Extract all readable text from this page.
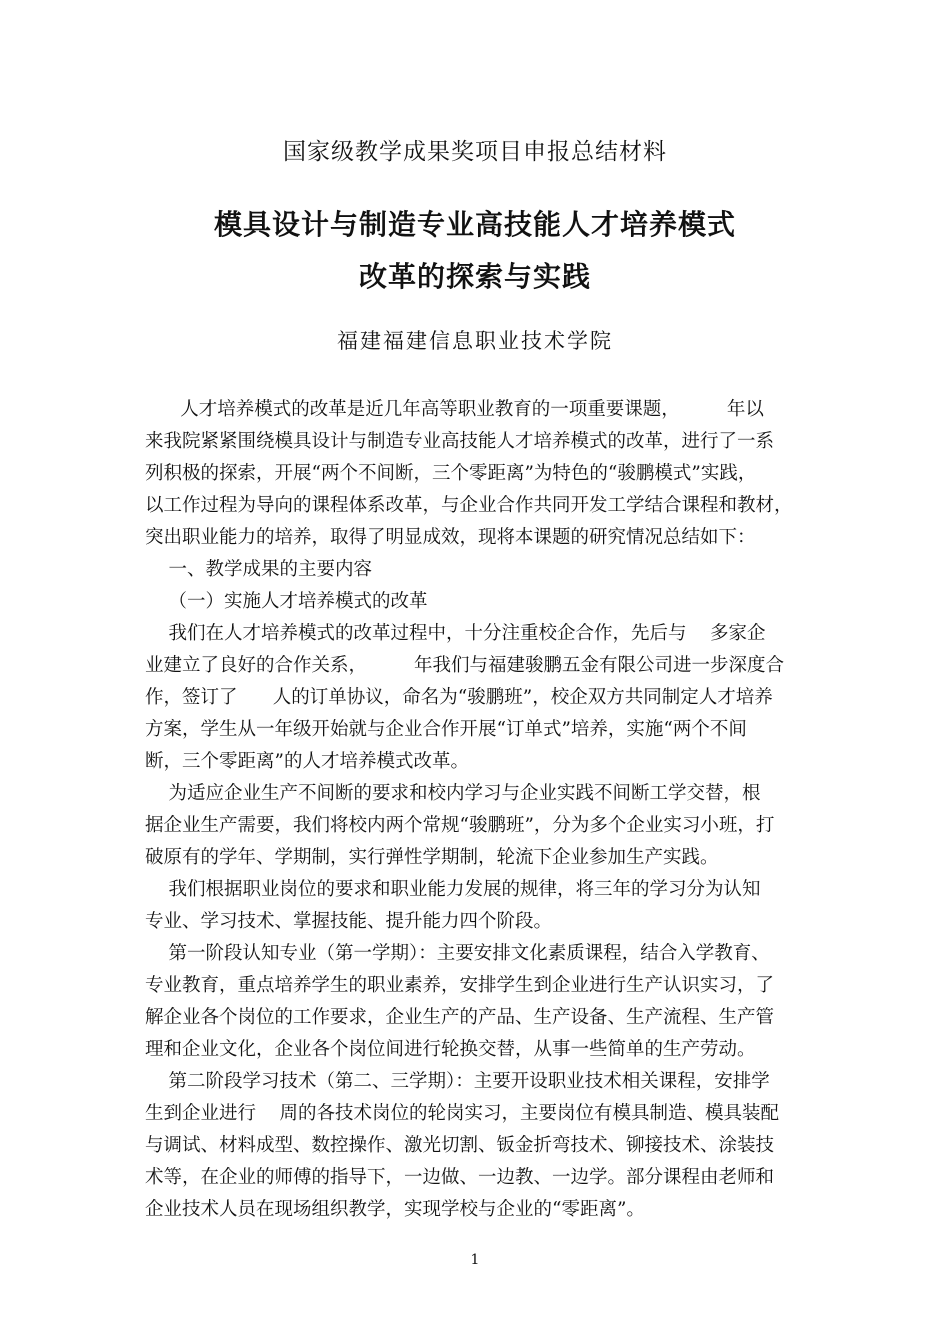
国家级教学成果奖项目申报总结材料
模具设计与制造专业高技能人才培养模式
改革的探索与实践
福建福建信息职业技术学院
人才培养模式的改革是近几年高等职业教育的一项重要课题，        年以
来我院紧紧围绕模具设计与制造专业高技能人才培养模式的改革，进行了一系
列积极的探索，开展“两个不间断，三个零距离”为特色的“骏鹏模式”实践，
以工作过程为导向的课程体系改革，与企业合作共同开发工学结合课程和教材，
突出职业能力的培养，取得了明显成效，现将本课题的研究情况总结如下：
一、教学成果的主要内容
（一）实施人才培养模式的改革
我们在人才培养模式的改革过程中，十分注重校企合作，先后与    多家企
业建立了良好的合作关系，        年我们与福建骏鹏五金有限公司进一步深度合
作，签订了      人的订单协议，命名为“骏鹏班”，校企双方共同制定人才培养
方案，学生从一年级开始就与企业合作开展“订单式”培养，实施“两个不间
断，三个零距离”的人才培养模式改革。
为适应企业生产不间断的要求和校内学习与企业实践不间断工学交替，根
据企业生产需要，我们将校内两个常规“骏鹏班”，分为多个企业实习小班，打
破原有的学年、学期制，实行弹性学期制，轮流下企业参加生产实践。
我们根据职业岗位的要求和职业能力发展的规律，将三年的学习分为认知
专业、学习技术、掌握技能、提升能力四个阶段。
第一阶段认知专业（第一学期）：主要安排文化素质课程，结合入学教育、
专业教育，重点培养学生的职业素养，安排学生到企业进行生产认识实习，了
解企业各个岗位的工作要求，企业生产的产品、生产设备、生产流程、生产管
理和企业文化，企业各个岗位间进行轮换交替，从事一些简单的生产劳动。
第二阶段学习技术（第二、三学期）：主要开设职业技术相关课程，安排学
生到企业进行    周的各技术岗位的轮岗实习，主要岗位有模具制造、模具装配
与调试、材料成型、数控操作、激光切割、钣金折弯技术、铆接技术、涂装技
术等，在企业的师傅的指导下，一边做、一边教、一边学。部分课程由老师和
企业技术人员在现场组织教学，实现学校与企业的“零距离”。
1
